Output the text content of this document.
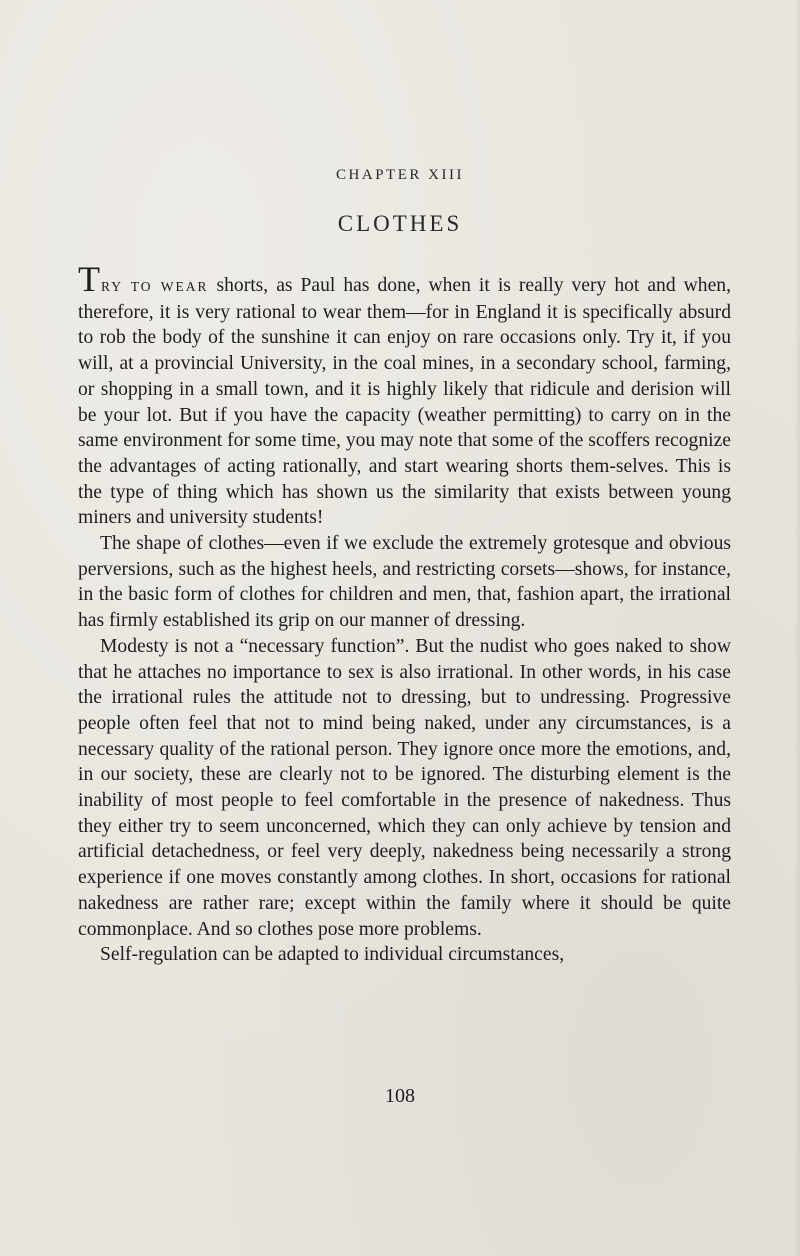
CHAPTER XIII
CLOTHES

TRY TO WEAR shorts, as Paul has done, when it is really very hot and when, therefore, it is very rational to wear them—for in England it is specifically absurd to rob the body of the sunshine it can enjoy on rare occasions only. Try it, if you will, at a provincial University, in the coal mines, in a secondary school, farming, or shopping in a small town, and it is highly likely that ridicule and derision will be your lot. But if you have the capacity (weather permitting) to carry on in the same environment for some time, you may note that some of the scoffers recognize the advantages of acting rationally, and start wearing shorts them-selves. This is the type of thing which has shown us the similarity that exists between young miners and university students!

The shape of clothes—even if we exclude the extremely grotesque and obvious perversions, such as the highest heels, and restricting corsets—shows, for instance, in the basic form of clothes for children and men, that, fashion apart, the irrational has firmly established its grip on our manner of dressing.

Modesty is not a “necessary function”. But the nudist who goes naked to show that he attaches no importance to sex is also irrational. In other words, in his case the irrational rules the attitude not to dressing, but to undressing. Progressive people often feel that not to mind being naked, under any circumstances, is a necessary quality of the rational person. They ignore once more the emotions, and, in our society, these are clearly not to be ignored. The disturbing element is the inability of most people to feel comfortable in the presence of nakedness. Thus they either try to seem unconcerned, which they can only achieve by tension and artificial detachedness, or feel very deeply, nakedness being necessarily a strong experience if one moves constantly among clothes. In short, occasions for rational nakedness are rather rare; except within the family where it should be quite commonplace. And so clothes pose more problems.

Self-regulation can be adapted to individual circumstances,

108
